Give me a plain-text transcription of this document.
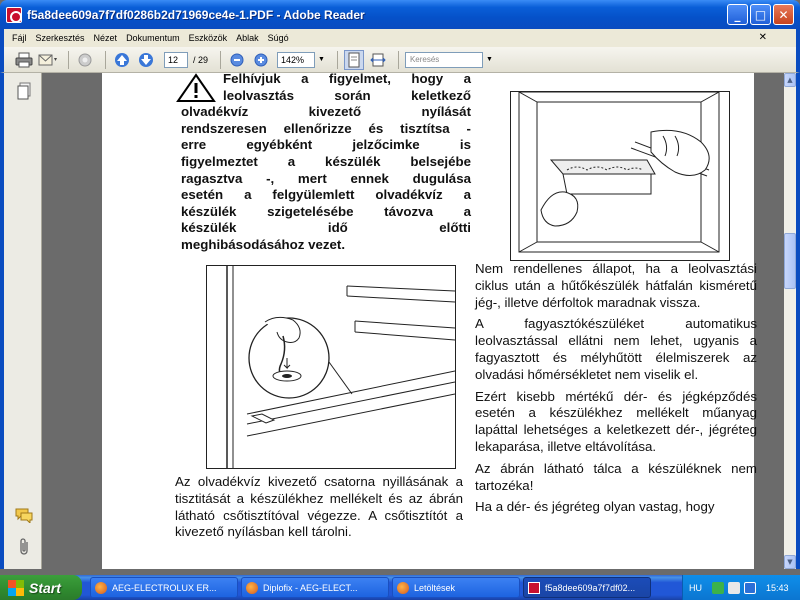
f5a8dee609a7f7df0286b2d71969ce4e-1.PDF - Adobe Reader	_	□	✕
Fájl Szerkesztés Nézet Dokumentum Eszközök Ablak Súgó	✕
12	/ 29	142%	▼	Keresés	▼
Felhívjuk a figyelmet, hogy a
leolvasztás során keletkező
olvadékvíz kivezető nyílását
rendszeresen ellenőrizze és tisztítsa -
erre egyébként jelzőcimke is
figyelmeztet a készülék belsejébe
ragasztva -, mert ennek dugulása
esetén a felgyülemlett olvadékvíz a
készülék szigetelésébe távozva a
készülék idő előtti
meghibásodásához vezet.
Az olvadékvíz kivezető csatorna nyillásának a tisztitását a készülékhez mellékelt és az ábrán látható csőtisztítóval végezze. A csőtisztítót a kivezető nyílásban kell tárolni.

Nem rendellenes állapot, ha a leolvasztási ciklus után a hűtőkészülék hátfalán kisméretű jég-, illetve dérfoltok maradnak vissza.

A fagyasztókészüléket automatikus leolvasztással ellátni nem lehet, ugyanis a fagyasztott és mélyhűtött élelmiszerek az olvadási hőmérsékletet nem viselik el.

Ezért kisebb mértékű dér- és jégképződés esetén a készülékhez mellékelt műanyag lapáttal lehetséges a keletkezett dér-, jégréteg lekaparása, illetve eltávolítása.

Az ábrán látható tálca a készüléknek nem tartozéka!

Ha a dér- és jégréteg olyan vastag, hogy

▲
▼
Start	AEG-ELECTROLUX ER...	Diplofix - AEG-ELECT...	Letöltések	f5a8dee609a7f7df02...	HU	15:43
